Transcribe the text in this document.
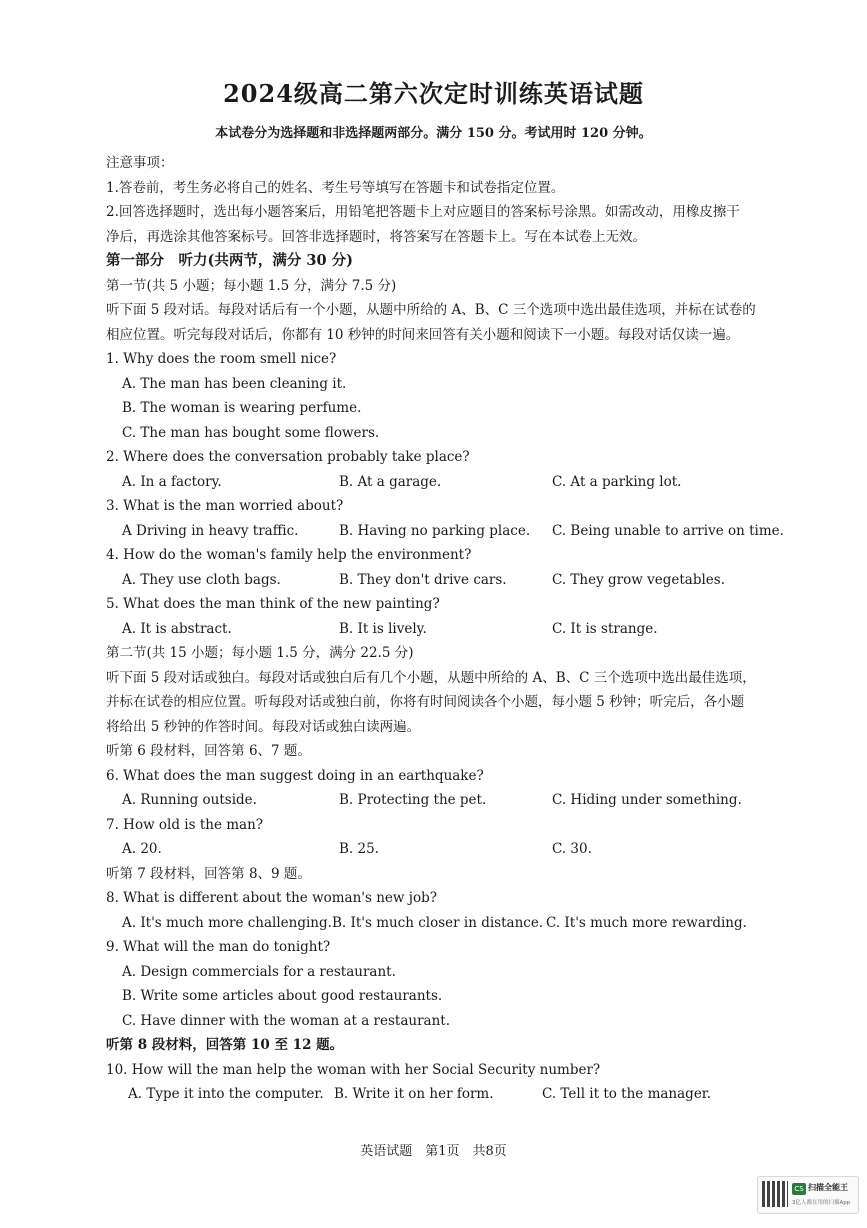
2024级高二第六次定时训练英语试题
本试卷分为选择题和非选择题两部分。满分 150 分。考试用时 120 分钟。
注意事项：
1.答卷前，考生务必将自己的姓名、考生号等填写在答题卡和试卷指定位置。
2.回答选择题时，选出每小题答案后，用铅笔把答题卡上对应题目的答案标号涂黑。如需改动，用橡皮擦干
净后，再选涂其他答案标号。回答非选择题时，将答案写在答题卡上。写在本试卷上无效。
第一部分　听力(共两节，满分 30 分)
第一节(共 5 小题；每小题 1.5 分，满分 7.5 分)
听下面 5 段对话。每段对话后有一个小题，从题中所给的 A、B、C 三个选项中选出最佳选项，并标在试卷的
相应位置。听完每段对话后，你都有 10 秒钟的时间来回答有关小题和阅读下一小题。每段对话仅读一遍。
1. Why does the room smell nice?
A. The man has been cleaning it.
B. The woman is wearing perfume.
C. The man has bought some flowers.
2. Where does the conversation probably take place?
A. In a factory.	B. At a garage.	C. At a parking lot.
3. What is the man worried about?
A Driving in heavy traffic.	B. Having no parking place. C. Being unable to arrive on time.
4. How do the woman's family help the environment?
A. They use cloth bags.	B. They don't drive cars.	C. They grow vegetables.
5. What does the man think of the new painting?
A. It is abstract.	B. It is lively.	C. It is strange.
第二节(共 15 小题；每小题 1.5 分，满分 22.5 分)
听下面 5 段对话或独白。每段对话或独白后有几个小题，从题中所给的 A、B、C 三个选项中选出最佳选项，
并标在试卷的相应位置。听每段对话或独白前，你将有时间阅读各个小题，每小题 5 秒钟；听完后，各小题
将给出 5 秒钟的作答时间。每段对话或独白读两遍。
听第 6 段材料，回答第 6、7 题。
6. What does the man suggest doing in an earthquake?
A. Running outside.	B. Protecting the pet.	C. Hiding under something.
7. How old is the man?
A. 20.	B. 25.	C. 30.
听第 7 段材料，回答第 8、9 题。
8. What is different about the woman's new job?
A. It's much more challenging. B. It's much closer in distance. C. It's much more rewarding.
9. What will the man do tonight?
A. Design commercials for a restaurant.
B. Write some articles about good restaurants.
C. Have dinner with the woman at a restaurant.
听第 8 段材料，回答第 10 至 12 题。
10. How will the man help the woman with her Social Security number?
A. Type it into the computer. B. Write it on her form.	C. Tell it to the manager.
英语试题　第1页　共8页
CS 扫描全能王
3亿人都在用的扫描App
